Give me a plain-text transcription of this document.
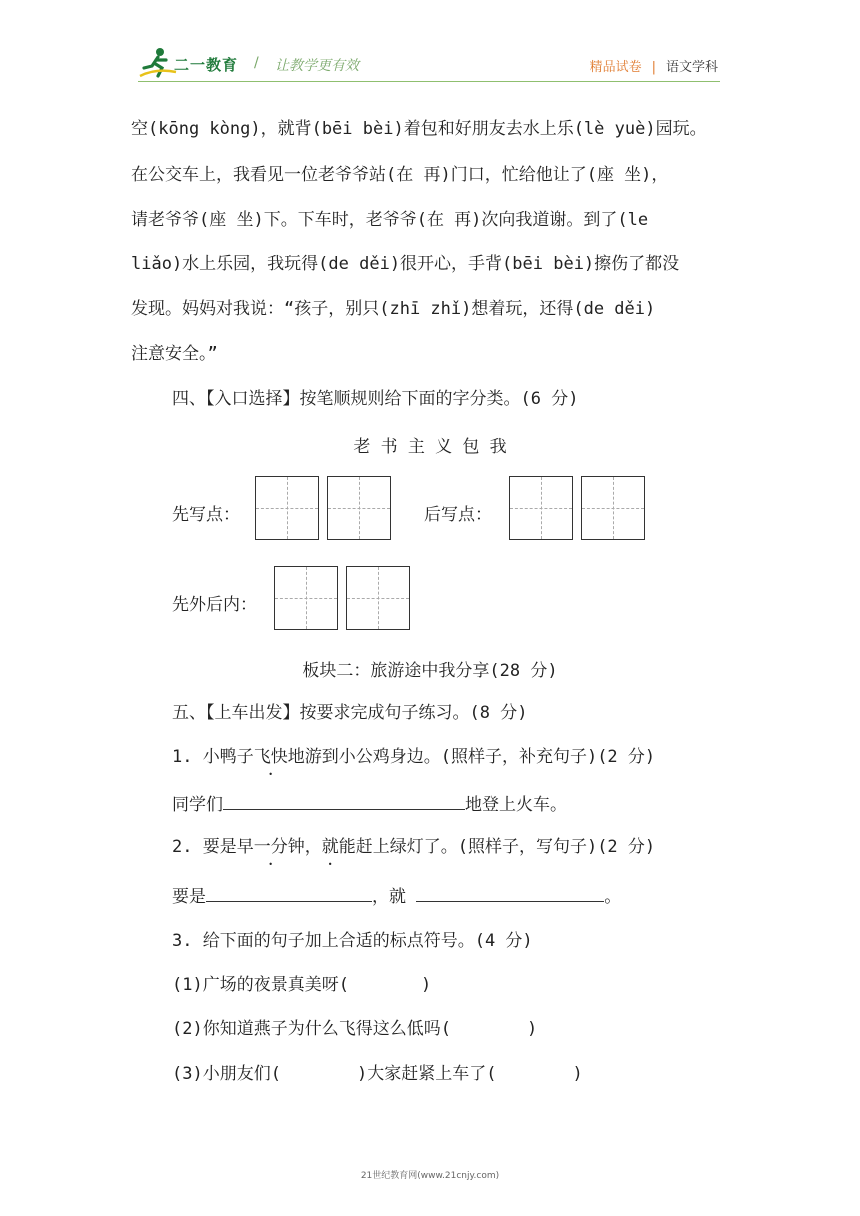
二一教育 / 让教学更有效	精品试卷 | 语文学科
空(kōng kòng)，就背(bēi bèi)着包和好朋友去水上乐(lè yuè)园玩。
在公交车上，我看见一位老爷爷站(在 再)门口，忙给他让了(座 坐)，
请老爷爷(座 坐)下。下车时，老爷爷(在 再)次向我道谢。到了(le
liǎo)水上乐园，我玩得(de děi)很开心，手背(bēi bèi)擦伤了都没
发现。妈妈对我说：“孩子，别只(zhī zhǐ)想着玩，还得(de děi)
注意安全。”
四、【入口选择】按笔顺规则给下面的字分类。(6 分)
老 书 主 义 包 我
先写点：	后写点：
先外后内：
板块二：旅游途中我分享(28 分)
五、【上车出发】按要求完成句子练习。(8 分)
1. 小鸭子飞快地游到小公鸡身边。(照样子，补充句子)(2 分)
同学们	地登上火车。
2. 要是早一分钟，就能赶上绿灯了。(照样子，写句子)(2 分)
要是	，就	。
3. 给下面的句子加上合适的标点符号。(4 分)
(1)广场的夜景真美呀(	)
(2)你知道燕子为什么飞得这么低吗(	)
(3)小朋友们(	)大家赶紧上车了(	)
21世纪教育网(www.21cnjy.com)
